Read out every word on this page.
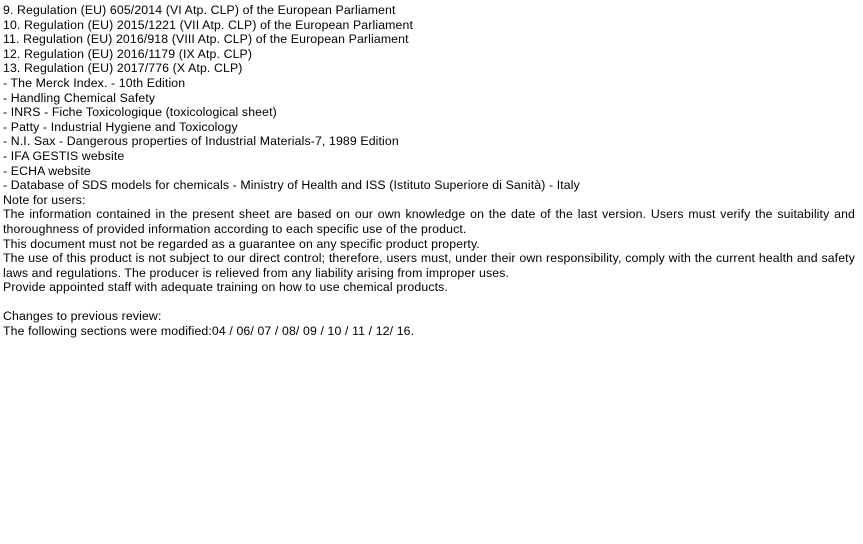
9. Regulation (EU) 605/2014 (VI Atp. CLP) of the European Parliament
10. Regulation (EU) 2015/1221 (VII Atp. CLP) of the European Parliament
11. Regulation (EU) 2016/918 (VIII Atp. CLP) of the European Parliament
12. Regulation (EU) 2016/1179 (IX Atp. CLP)
13. Regulation (EU) 2017/776 (X Atp. CLP)
- The Merck Index. - 10th Edition
- Handling Chemical Safety
- INRS - Fiche Toxicologique (toxicological sheet)
- Patty - Industrial Hygiene and Toxicology
- N.I. Sax - Dangerous properties of Industrial Materials-7, 1989 Edition
- IFA GESTIS website
- ECHA website
- Database of SDS models for chemicals - Ministry of Health and ISS (Istituto Superiore di Sanità) - Italy
Note for users:
The information contained in the present sheet are based on our own knowledge on the date of the last version. Users must verify the suitability and thoroughness of provided information according to each specific use of the product.
This document must not be regarded as a guarantee on any specific product property.
The use of this product is not subject to our direct control; therefore, users must, under their own responsibility, comply with the current health and safety laws and regulations. The producer is relieved from any liability arising from improper uses.
Provide appointed staff with adequate training on how to use chemical products.
Changes to previous review:
The following sections were modified:04 / 06/ 07 / 08/ 09 / 10 / 11 / 12/ 16.
